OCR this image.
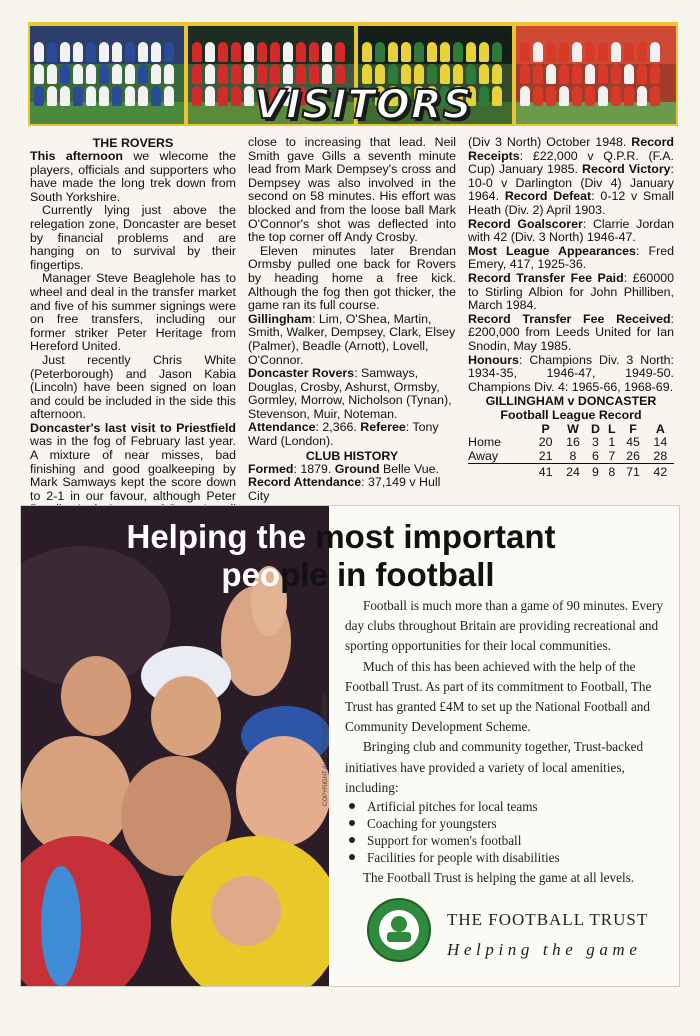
VISITORS
THE ROVERS

This afternoon we wlecome the players, officials and supporters who have made the long trek down from South Yorkshire.

Currently lying just above the relegation zone, Doncaster are beset by financial problems and are hanging on to survival by their fingertips.

Manager Steve Beaglehole has to wheel and deal in the transfer market and five of his summer signings were on free transfers, including our former striker Peter Heritage from Hereford United.

Just recently Chris White (Peterborough) and Jason Kabia (Lincoln) have been signed on loan and could be included in the side this afternoon.

Doncaster's last visit to Priestfield was in the fog of February last year. A mixture of near misses, bad finishing and good goalkeeping by Mark Samways kept the score down to 2-1 in our favour, although Peter

close to increasing that lead. Neil Smith gave Gills a seventh minute lead from Mark Dempsey's cross and Dempsey was also involved in the second on 58 minutes. His effort was blocked and from the loose ball Mark O'Connor's shot was deflected into the top corner off Andy Crosby.

Eleven minutes later Brendan Ormsby pulled one back for Rovers by heading home a free kick. Although the fog then got thicker, the game ran its full course.

Gillingham: Lim, O'Shea, Martin, Smith, Walker, Dempsey, Clark, Elsey (Palmer), Beadle (Arnott), Lovell, O'Connor.

Doncaster Rovers: Samways, Douglas, Crosby, Ashurst, Ormsby, Gormley, Morrow, Nicholson (Tynan), Stevenson, Muir, Noteman.

Attendance: 2,366. Referee: Tony Ward (London).

CLUB HISTORY

Formed: 1879. Ground Belle Vue.

Record Attendance: 37,149 v Hull City

(Div 3 North) October 1948. Record Receipts: £22,000 v Q.P.R. (F.A. Cup) January 1985. Record Victory: 10-0 v Darlington (Div 4) January 1964. Record Defeat: 0-12 v Small Heath (Div. 2) April 1903.

Record Goalscorer: Clarrie Jordan with 42 (Div. 3 North) 1946-47.

Most League Appearances: Fred Emery, 417, 1925-36.

Record Transfer Fee Paid: £60000 to Stirling Albion for John Philliben, March 1984.

Record Transfer Fee Received: £200,000 from Leeds United for Ian Snodin, May 1985.

Honours: Champions Div. 3 North: 1934-35, 1946-47, 1949-50. Champions Div. 4: 1965-66, 1968-69.

GILLINGHAM v DONCASTER
Football League Record
	P	W	D	L	F	A
Home	20	16	3	1	45	14
Away	21	8	6	7	26	28
	41	24	9	8	71	42
Helping the most important
people in football
COPYRIGHT ALLSPORT/BEN RADFORD

Football is much more than a game of 90 minutes. Every day clubs throughout Britain are providing recreational and sporting opportunities for their local communities.

Much of this has been achieved with the help of the Football Trust. As part of its commitment to Football, The Trust has granted £4M to set up the National Football and Community Development Scheme.

Bringing club and community together, Trust-backed initiatives have provided a variety of local amenities, including:

Artificial pitches for local teams
Coaching for youngsters
Support for women's football
Facilities for people with disabilities

The Football Trust is helping the game at all levels.

THE FOOTBALL TRUST
Helping the game
